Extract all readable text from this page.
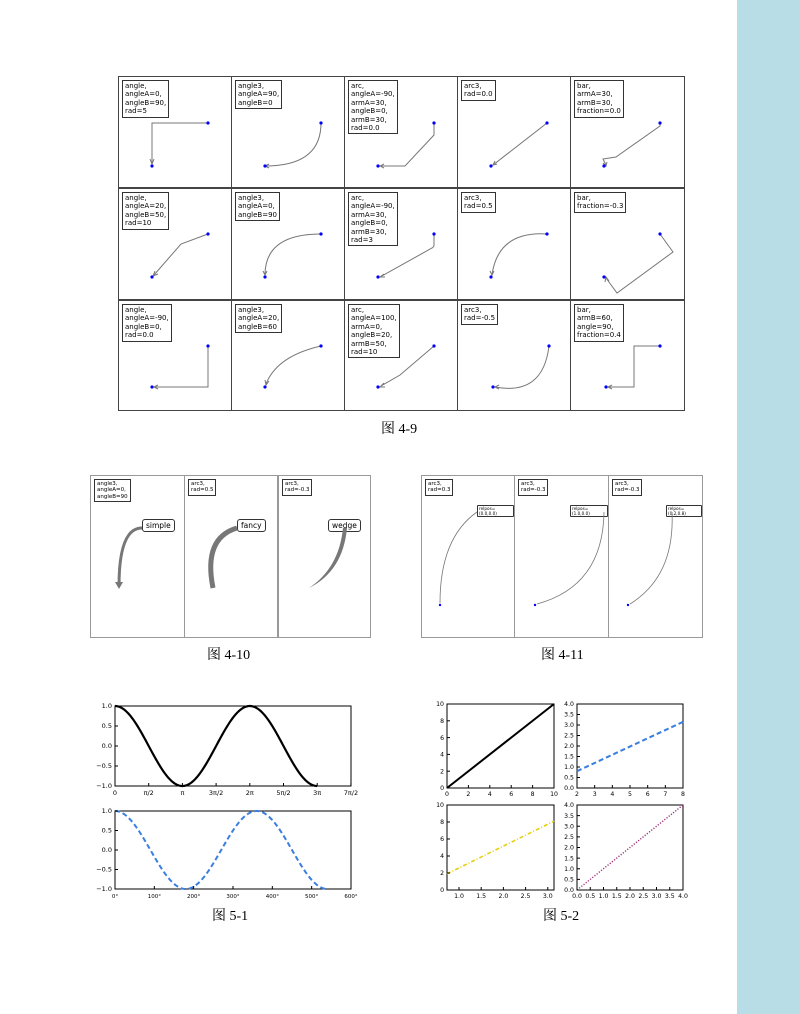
angle,
angleA=0,
angleB=90,
rad=5
angle3,
angleA=90,
angleB=0
arc,
angleA=-90,
armA=30,
angleB=0,
armB=30,
rad=0.0
arc3,
rad=0.0
bar,
armA=30,
armB=30,
fraction=0.0
angle,
angleA=20,
angleB=50,
rad=10
angle3,
angleA=0,
angleB=90
arc,
angleA=-90,
armA=30,
angleB=0,
armB=30,
rad=3
arc3,
rad=0.5
bar,
fraction=-0.3
angle,
angleA=-90,
angleB=0,
rad=0.0
angle3,
angleA=20,
angleB=60
arc,
angleA=100,
armA=0,
angleB=20,
armB=50,
rad=10
arc3,
rad=-0.5
bar,
armB=60,
angle=90,
fraction=0.4
图 4-9
angle3,
angleA=0,
angleB=90
simple
arc3,
rad=0.5
fancy
arc3,
rad=-0.3
wedge
图 4-10
arc3,
rad=0.3
relpos=(0.0,0.0)
arc3,
rad=-0.3
relpos=(1.0,0.0)
arc3,
rad=-0.3
relpos=(0.2,0.8)
图 4-11
1.0
0.5
0.0
−0.5
−1.0
0	π/2	π	3π/2	2π	5π/2	3π	7π/2
1.0
0.5
0.0
−0.5
−1.0
0°	100°	200°	300°	400°	500°	600°
图 5-1
10
8
6
4
2
0
0	2	4	6	8 10
4.0
3.5
3.0
2.5
2.0
1.5
1.0
0.5
0.0
2 3 4 5 6 7 8
10
8
6
4
2
0
1.0 1.5 2.0 2.5 3.0
4.0
3.5
3.0
2.5
2.0
1.5
1.0
0.5
0.0
0.0 0.5 1.0 1.5 2.0 2.5 3.0 3.5 4.0
图 5-2
